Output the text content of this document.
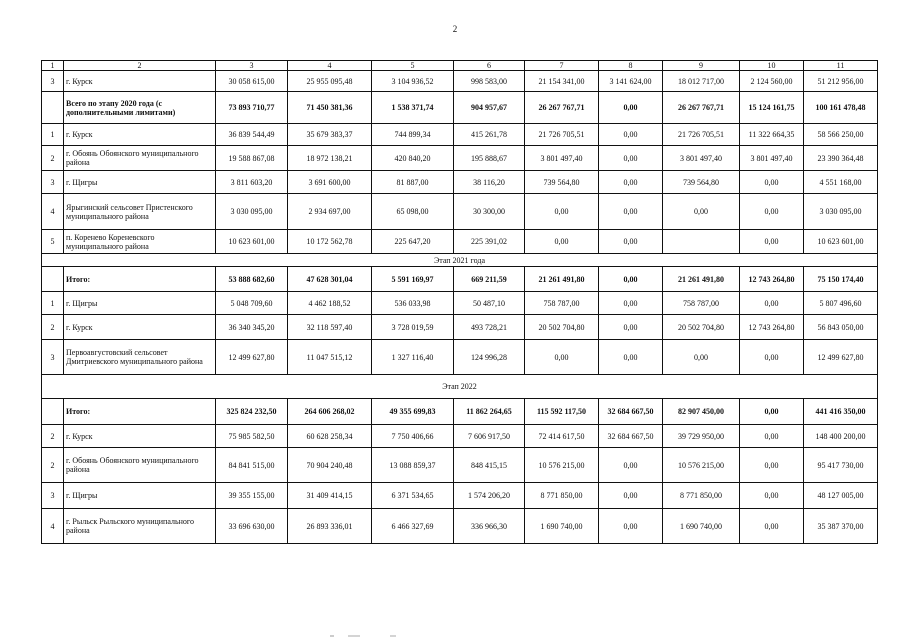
2
1	2	3	4	5	6	7	8	9	10	11
3	г. Курск	30 058 615,00	25 955 095,48	3 104 936,52	998 583,00	21 154 341,00	3 141 624,00	18 012 717,00	2 124 560,00	51 212 956,00
	Всего по этапу 2020 года (с дополнительными лимитами)	73 893 710,77	71 450 381,36	1 538 371,74	904 957,67	26 267 767,71	0,00	26 267 767,71	15 124 161,75	100 161 478,48
1	г. Курск	36 839 544,49	35 679 383,37	744 899,34	415 261,78	21 726 705,51	0,00	21 726 705,51	11 322 664,35	58 566 250,00
2	г. Обоянь Обоянского муниципального района	19 588 867,08	18 972 138,21	420 840,20	195 888,67	3 801 497,40	0,00	3 801 497,40	3 801 497,40	23 390 364,48
3	г. Щигры	3 811 603,20	3 691 600,00	81 887,00	38 116,20	739 564,80	0,00	739 564,80	0,00	4 551 168,00
4	Ярыгинский сельсовет Пристенского муниципального района	3 030 095,00	2 934 697,00	65 098,00	30 300,00	0,00	0,00	0,00	0,00	3 030 095,00
5	п. Коренево Кореневского муниципального района	10 623 601,00	10 172 562,78	225 647,20	225 391,02	0,00	0,00		0,00	10 623 601,00
Этап 2021 года										
	Итого:	53 888 682,60	47 628 301,04	5 591 169,97	669 211,59	21 261 491,80	0,00	21 261 491,80	12 743 264,80	75 150 174,40
1	г. Щигры	5 048 709,60	4 462 188,52	536 033,98	50 487,10	758 787,00	0,00	758 787,00	0,00	5 807 496,60
2	г. Курск	36 340 345,20	32 118 597,40	3 728 019,59	493 728,21	20 502 704,80	0,00	20 502 704,80	12 743 264,80	56 843 050,00
3	Первоавгустовский сельсовет Дмитриевского муниципального района	12 499 627,80	11 047 515,12	1 327 116,40	124 996,28	0,00	0,00	0,00	0,00	12 499 627,80
Этап 2022										
	Итого:	325 824 232,50	264 606 268,02	49 355 699,83	11 862 264,65	115 592 117,50	32 684 667,50	82 907 450,00	0,00	441 416 350,00
2	г. Курск	75 985 582,50	60 628 258,34	7 750 406,66	7 606 917,50	72 414 617,50	32 684 667,50	39 729 950,00	0,00	148 400 200,00
2	г. Обоянь Обоянского муниципального района	84 841 515,00	70 904 240,48	13 088 859,37	848 415,15	10 576 215,00	0,00	10 576 215,00	0,00	95 417 730,00
3	г. Щигры	39 355 155,00	31 409 414,15	6 371 534,65	1 574 206,20	8 771 850,00	0,00	8 771 850,00	0,00	48 127 005,00
4	г. Рыльск Рыльского муниципального района	33 696 630,00	26 893 336,01	6 466 327,69	336 966,30	1 690 740,00	0,00	1 690 740,00	0,00	35 387 370,00
